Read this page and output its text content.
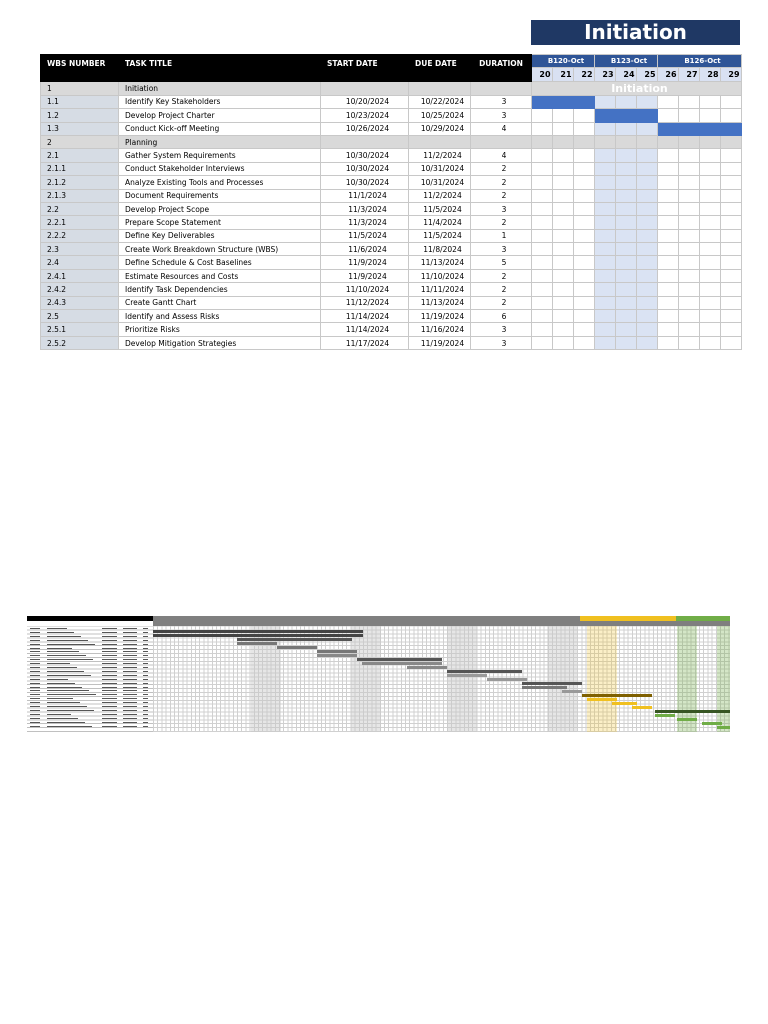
Initiation
WBS NUMBER	TASK TITLE	START DATE	DUE DATE	DURATION	B120-Oct			B123-Oct			B126-Oct			
					20	21	22	23	24	25	26	27	28	29
1	Initiation				Initiation									
1.1	Identify Key Stakeholders	10/20/2024	10/22/2024	3										
1.2	Develop Project Charter	10/23/2024	10/25/2024	3										
1.3	Conduct Kick-off Meeting	10/26/2024	10/29/2024	4										
2	Planning													
2.1	Gather System Requirements	10/30/2024	11/2/2024	4										
2.1.1	Conduct Stakeholder Interviews	10/30/2024	10/31/2024	2										
2.1.2	Analyze Existing Tools and Processes	10/30/2024	10/31/2024	2										
2.1.3	Document Requirements	11/1/2024	11/2/2024	2										
2.2	Develop Project Scope	11/3/2024	11/5/2024	3										
2.2.1	Prepare Scope Statement	11/3/2024	11/4/2024	2										
2.2.2	Define Key Deliverables	11/5/2024	11/5/2024	1										
2.3	Create Work Breakdown Structure (WBS)	11/6/2024	11/8/2024	3										
2.4	Define Schedule & Cost Baselines	11/9/2024	11/13/2024	5										
2.4.1	Estimate Resources and Costs	11/9/2024	11/10/2024	2										
2.4.2	Identify Task Dependencies	11/10/2024	11/11/2024	2										
2.4.3	Create Gantt Chart	11/12/2024	11/13/2024	2										
2.5	Identify and Assess Risks	11/14/2024	11/19/2024	6										
2.5.1	Prioritize Risks	11/14/2024	11/16/2024	3										
2.5.2	Develop Mitigation Strategies	11/17/2024	11/19/2024	3										
